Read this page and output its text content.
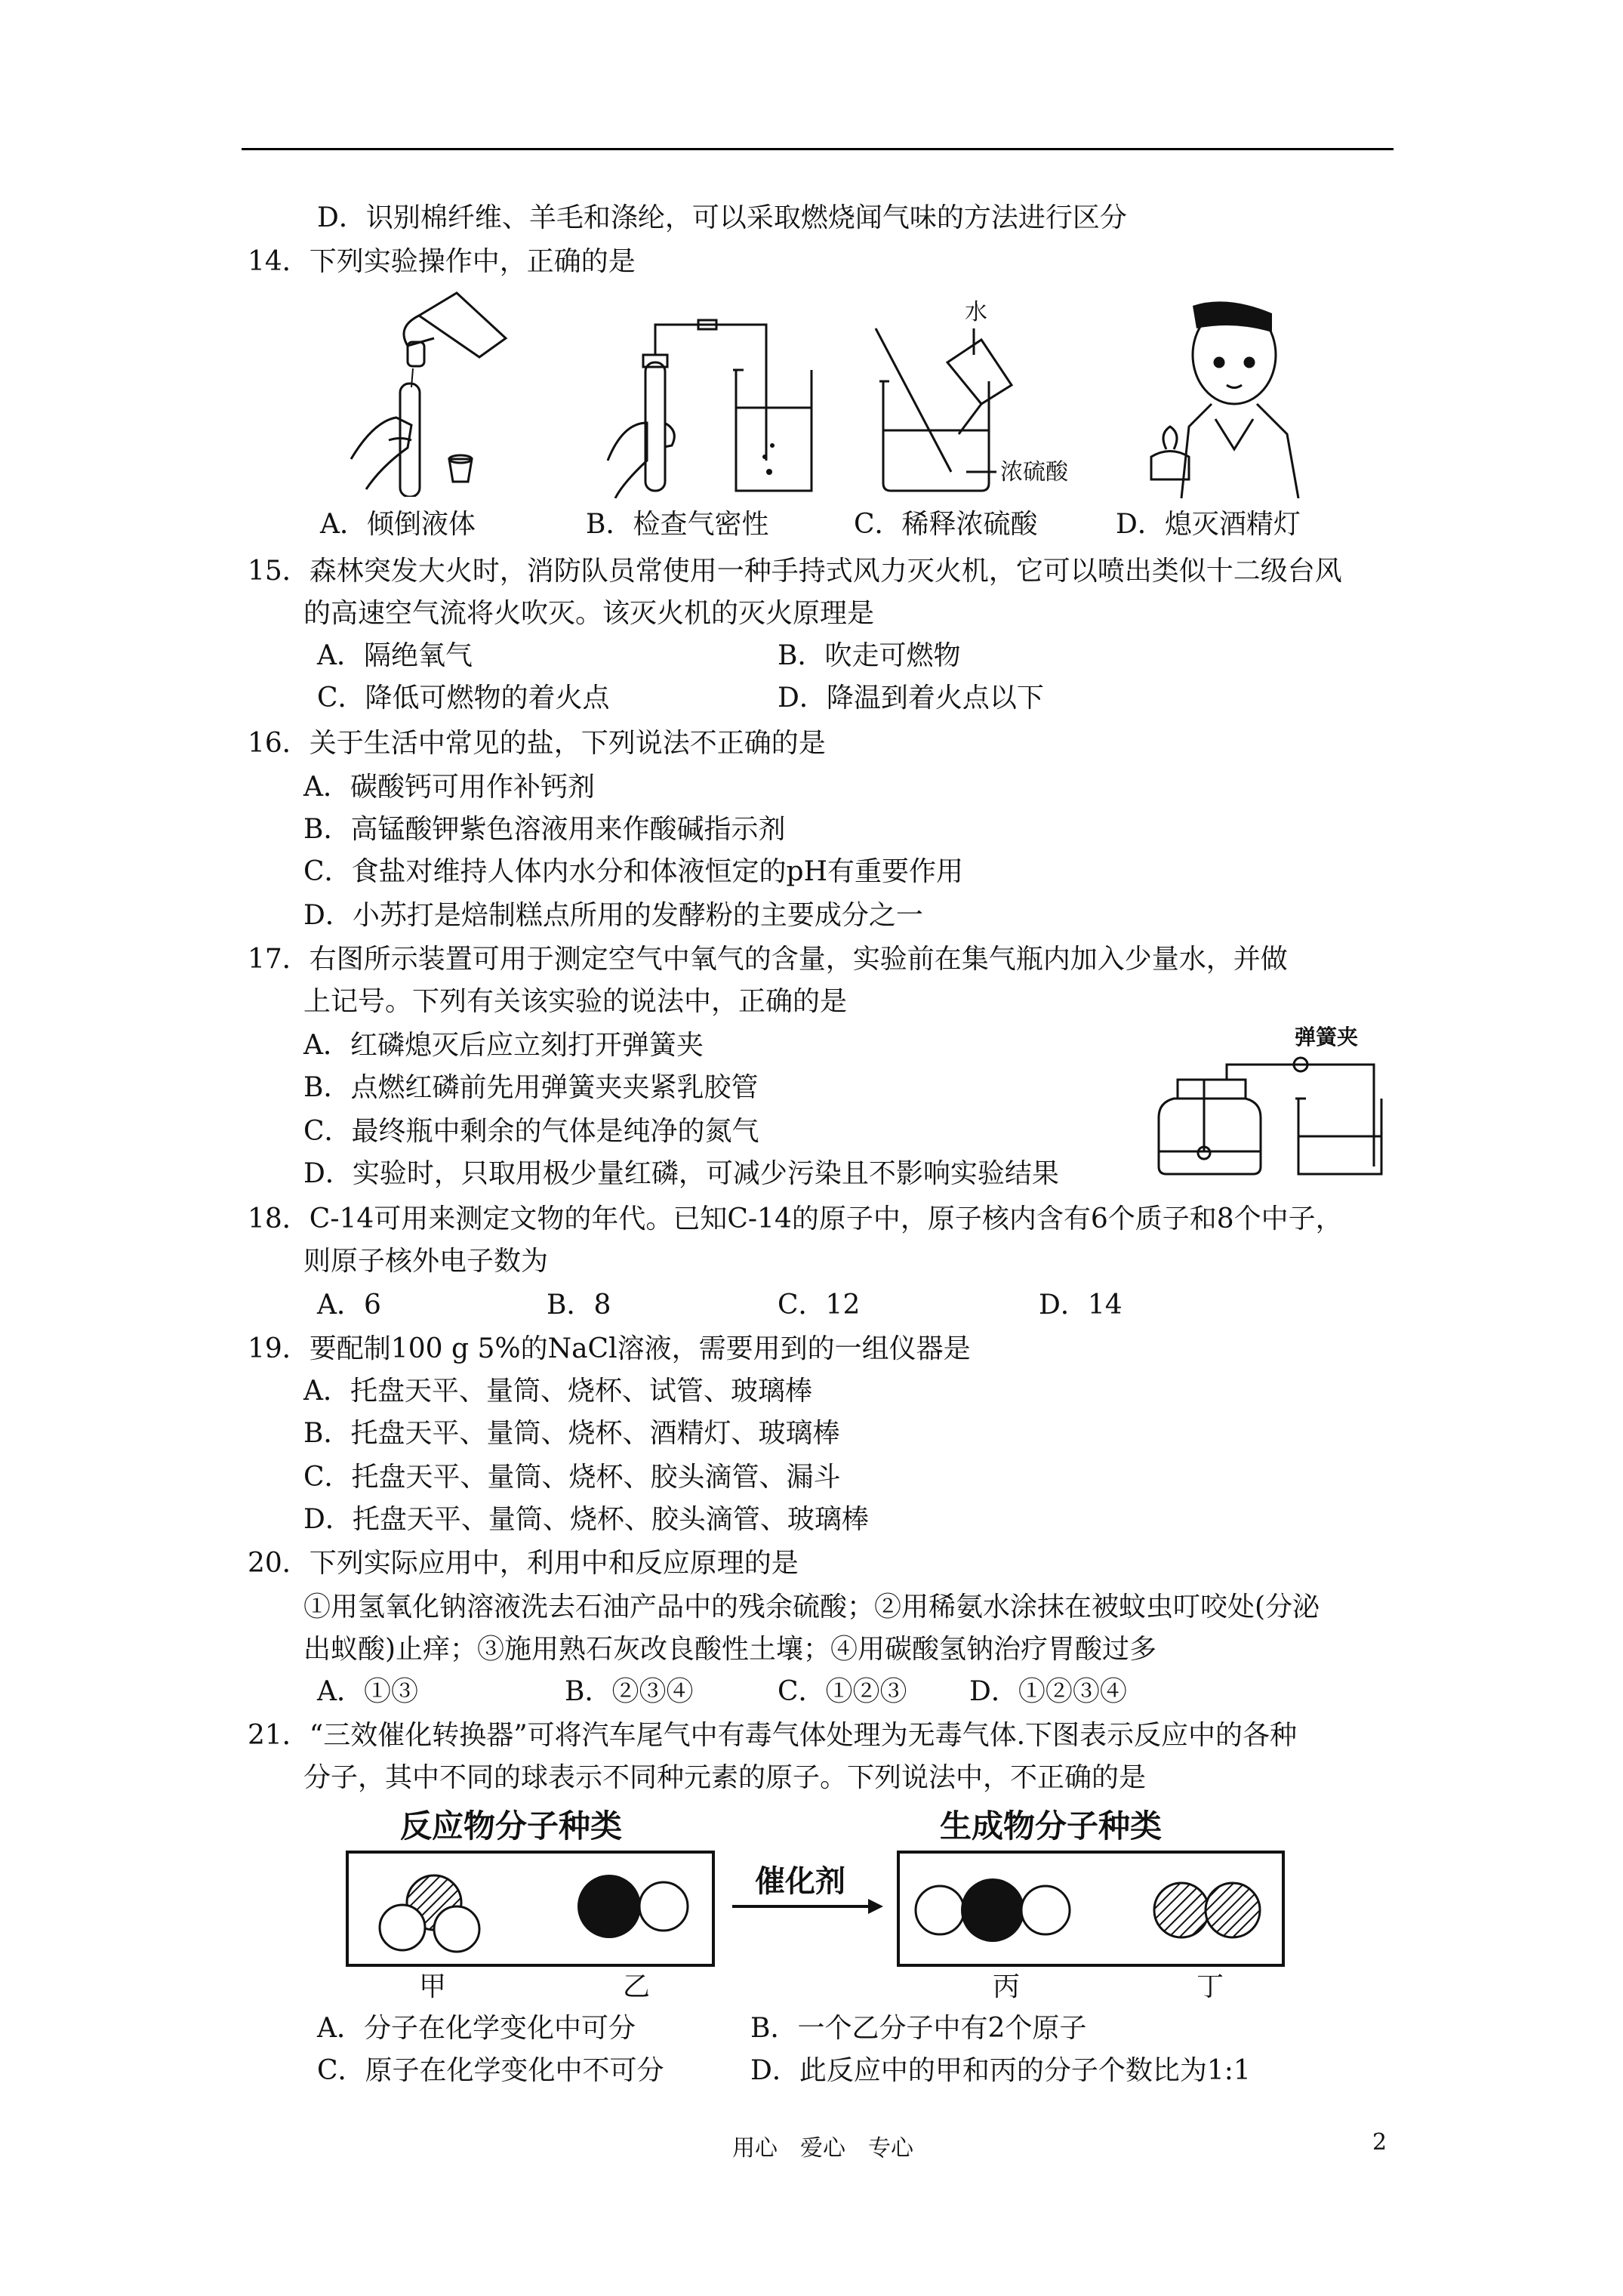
D．识别棉纤维、羊毛和涤纶，可以采取燃烧闻气味的方法进行区分
14．下列实验操作中，正确的是
水
浓硫酸
A．倾倒液体	B．检查气密性	C．稀释浓硫酸	D．熄灭酒精灯
15．森林突发大火时，消防队员常使用一种手持式风力灭火机，它可以喷出类似十二级台风
的高速空气流将火吹灭。该灭火机的灭火原理是
A．隔绝氧气	B．吹走可燃物
C．降低可燃物的着火点	D．降温到着火点以下
16．关于生活中常见的盐，下列说法不正确的是
A．碳酸钙可用作补钙剂
B．高锰酸钾紫色溶液用来作酸碱指示剂
C．食盐对维持人体内水分和体液恒定的pH有重要作用
D．小苏打是焙制糕点所用的发酵粉的主要成分之一
17．右图所示装置可用于测定空气中氧气的含量，实验前在集气瓶内加入少量水，并做
上记号。下列有关该实验的说法中，正确的是
A．红磷熄灭后应立刻打开弹簧夹
B．点燃红磷前先用弹簧夹夹紧乳胶管
C．最终瓶中剩余的气体是纯净的氮气
D．实验时，只取用极少量红磷，可减少污染且不影响实验结果
弹簧夹
18．C-14可用来测定文物的年代。已知C-14的原子中，原子核内含有6个质子和8个中子，
则原子核外电子数为
A．6	B．8	C．12	D．14
19．要配制100 g 5%的NaCl溶液，需要用到的一组仪器是
A．托盘天平、量筒、烧杯、试管、玻璃棒
B．托盘天平、量筒、烧杯、酒精灯、玻璃棒
C．托盘天平、量筒、烧杯、胶头滴管、漏斗
D．托盘天平、量筒、烧杯、胶头滴管、玻璃棒
20．下列实际应用中，利用中和反应原理的是
①用氢氧化钠溶液洗去石油产品中的残余硫酸；②用稀氨水涂抹在被蚊虫叮咬处(分泌
出蚁酸)止痒；③施用熟石灰改良酸性土壤；④用碳酸氢钠治疗胃酸过多
A．①③	B．②③④	C．①②③ D．①②③④
21．“三效催化转换器”可将汽车尾气中有毒气体处理为无毒气体.下图表示反应中的各种
分子，其中不同的球表示不同种元素的原子。下列说法中，不正确的是
反应物分子种类	生成物分子种类
催化剂
甲	乙	丙	丁
A．分子在化学变化中可分	B．一个乙分子中有2个原子
C．原子在化学变化中不可分	D．此反应中的甲和丙的分子个数比为1:1
用心　爱心　专心	2
